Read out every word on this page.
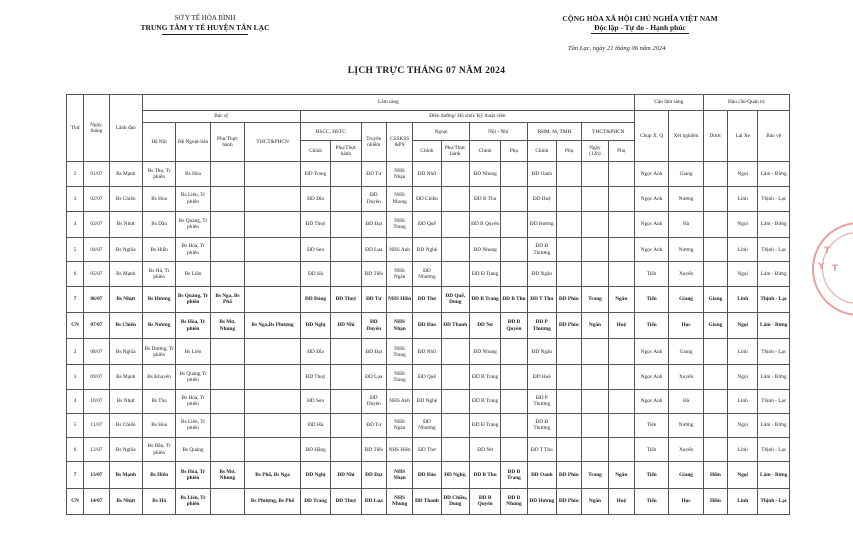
SỞ Y TẾ HÒA BÌNH
TRUNG TÂM Y TẾ HUYỆN TÂN LẠC
CỘNG HÒA XÃ HỘI CHỦ NGHĨA VIỆT NAM
Độc lập - Tự do - Hạnh phúc
Tân Lạc, ngày 21 tháng 06 năm 2024
LỊCH TRỰC THÁNG 07 NĂM 2024
Thứ	Ngày, tháng	Lãnh đạo	Lâm sàng																Cận lâm sàng		Hậu cần-Quản trị		
			Bác sỹ				Điều dưỡng/ Hộ sinh/ Kỹ thuật viên												Chụp X. Q	Xét nghiệm	Dược	Lái Xe	Bảo vệ
			Hệ Nội	Hệ Ngoại-Sản	Phụ/Thực hành	YHCT&PHCN	HSCC, HSTC		Truyền nhiễm	CSSKSS &PS	Ngoại		Nội - Nhi		RHM, M, TMH		YHCT&PHCN						
							Chính	Phụ/Thực hành			Chính	Phụ/Thực hành	Chính	Phụ	Chính	Phụ	Ngày (12h)	Phụ					
2	01/07	Bs Mạnh	Bs Thọ, Tr phiên	Bs Hòa			ĐD Trang		ĐD Tư	NHS Nhạn	ĐD Nhữ		ĐD Nhung		ĐD Oanh				Ngọc Anh	Giang		Ngọi	Lâm - Bừng
3	02/07	Bs Chiến	Bs Hoa	Bs Liên, Tr phiên			ĐD Đĩa		ĐD Duyên	NHS Nhung	ĐD Chiều		ĐD B Thu		ĐD Huệ				Ngọc Anh	Nương		Linh	Thịnh - Lạc
4	03/07	Bs Nhựt	Bs Dần	Bs Quảng, Tr phiên			ĐD Thuỷ		ĐD Đạt	NHS Trang	ĐD Quế		ĐD B Quyên		ĐD Hương				Ngọc Anh	Hà		Ngọi	Lâm - Bừng
5	04/07	Bs Nghĩa	Bs Hiển	Bs Hòa, Tr phiên			ĐD Sen		ĐD Lụa	NHS Anh	ĐD Nghệ		ĐD Nhung		ĐD Đ Thương				Ngọc Anh	Nương		Linh	Thịnh - Lạc
6	05/07	Bs Mạnh	Bs Hà, Tr phiên	Bs Liên			ĐD Hà		ĐD Tiến	NHS Ngân	ĐD Nhương		ĐD Đ Trang		ĐD Ngân				Tiến	Xuyến		Ngọi	Lâm - Bừng
7	06/07	Bs Nhựt	Bs Hương	Bs Quảng, Tr phiên	Bs Nga, Bs Phố		ĐD Đảng	ĐD Thuỷ	ĐD Tư	NHS Hiền	ĐD Thơ	ĐD Quế, Dung	ĐD B Trang	ĐD B Thu	ĐD T Thu	ĐD Phúc	Trang	Ngân	Tiến	Giang	Giang	Linh	Thịnh - Lạc
CN	07/07	Bs Chiến	Bs Nương	Bs Hòa, Tr phiên	Bs Mơ, Nhung	Bs Nga,Bs Phượng	ĐD Nghị	ĐD Nhi	ĐD Duyên	NHS Nhạn	ĐD Đào	ĐD Thanh	ĐD Nơ	ĐD B Quyên	ĐD P Thương	ĐD Phúc	Ngân	Huệ	Tiến	Học	Giang	Ngọi	Lâm - Bừng
2	08/07	Bs Nghĩa	Bs Dương, Tr phiên	Bs Liên			ĐD Đĩa		ĐD Đạt	NHS Trang	ĐD Nhữ		ĐD Nhung		ĐD Ngân				Ngọc Anh	Giang		Linh	Thịnh - Lạc
3	09/07	Bs Mạnh	Bs Khuyên	Bs Quảng Tr phiên			ĐD Thuỷ		ĐD Lụa	NHS Trang	ĐD Quế		ĐD B Trang		ĐD Huệ				Ngọc Anh	Xuyến		Ngọi	Lâm - Bừng
4	10/07	Bs Nhựt	Bs Thọ	Bs Hòa, Tr phiên			ĐD Sen		ĐD Duyên	NHS Anh	ĐD Nghệ		ĐD B Trang		ĐD P Thương				Ngọc Anh	Hà		Linh	Thịnh - Lạc
5	11/07	Bs Chiến	Bs Hoa	Bs Liên, Tr phiên			ĐD Hà		ĐD Tư	NHS Ngân	ĐD Nhương		ĐD Đ Trang		ĐD Đ Thương				Tiến	Nương		Ngọi	Lâm - Bừng
6	12/07	Bs Nghĩa	Bs Dần, Tr phiên	Bs Quảng			ĐD Hằng		ĐD Tiến	NHS Hiền	ĐD Thơ		ĐD Nơ		ĐD T Thu				Tiến	Xuyến		Linh	Thịnh - Lạc
7	13/07	Bs Mạnh	Bs Hiển	Bs Hòa, Tr phiên	Bs Mơ, Nhung	Bs Phố, Bs Nga	ĐD Nghị	ĐD Nhi	ĐD Đạt	NHS Nhạn	ĐD Đào	ĐD Nghệ,	ĐD B Thu	ĐD Đ Trang	ĐD Oanh	ĐD Phúc	Trang	Ngân	Tiến	Giang	Hiền	Ngọi	Lâm - Bừng
CN	14/07	Bs Nhựt	Bs Hà	Bs Liên, Tr phiên		Bs Phượng, Bs Phố	ĐD Trang	ĐD Thuỷ	ĐD Lụa	NHS Nhung	ĐD Thanh	ĐD Chiều, Dung	ĐD B Quyên	ĐD B Nhung	ĐD Hương	ĐD Phúc	Ngân	Huệ	Tiến	Học	Hiền	Linh	Thịnh - Lạc
T
Y T
